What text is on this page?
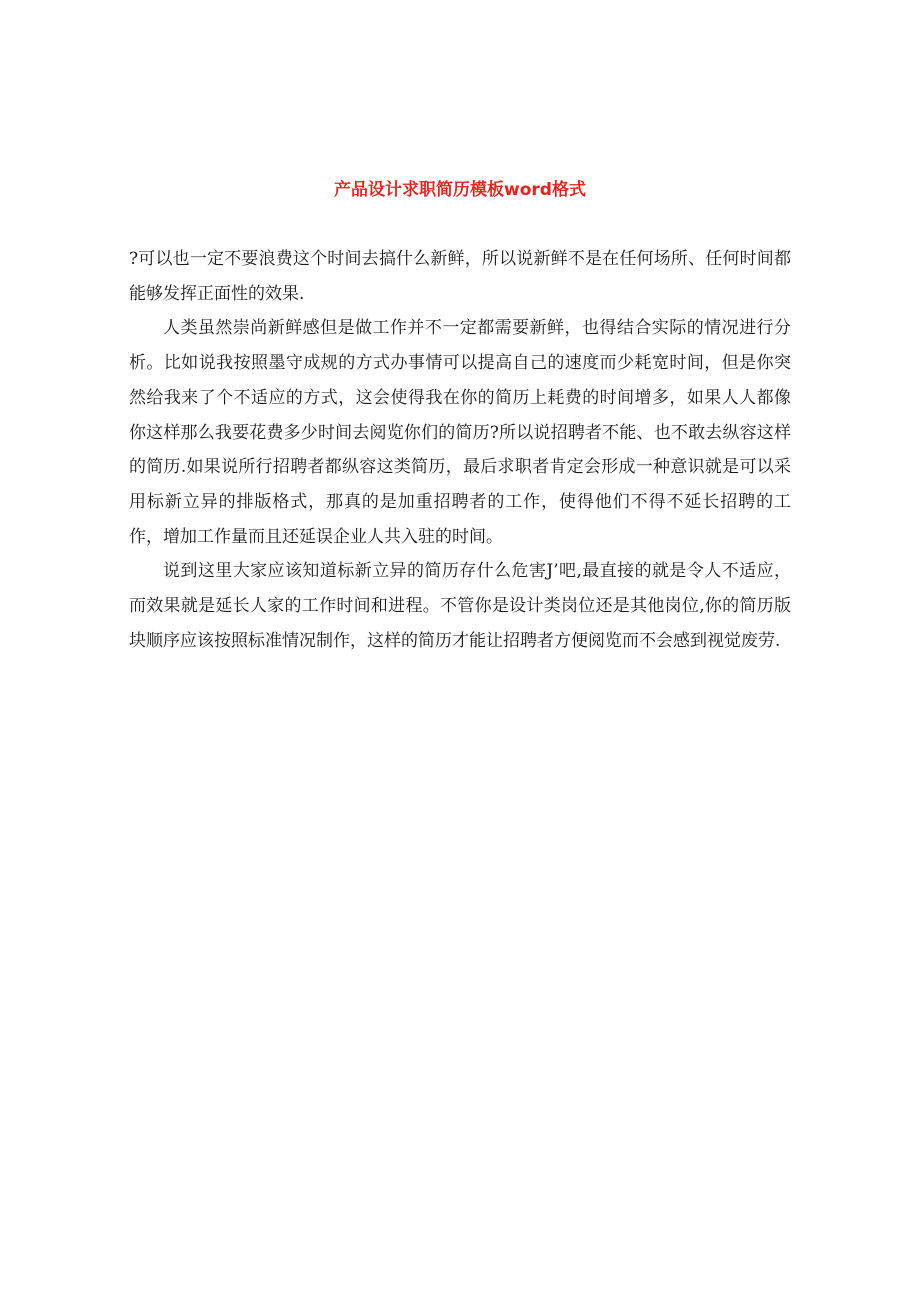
产品设计求职简历模板word格式

?可以也一定不要浪费这个时间去搞什么新鲜，所以说新鲜不是在任何场所、任何时间都能够发挥正面性的效果.

人类虽然崇尚新鲜感但是做工作并不一定都需要新鲜，也得结合实际的情况进行分析。比如说我按照墨守成规的方式办事情可以提高自己的速度而少耗宽时间，但是你突然给我来了个不适应的方式，这会使得我在你的简历上耗费的时间增多，如果人人都像你这样那么我要花费多少时间去阅览你们的简历?所以说招聘者不能、也不敢去纵容这样的简历.如果说所行招聘者都纵容这类简历，最后求职者肯定会形成一种意识就是可以采用标新立异的排版格式，那真的是加重招聘者的工作，使得他们不得不延长招聘的工作，增加工作量而且还延误企业人共入驻的时间。

说到这里大家应该知道标新立异的简历存什么危害J’吧,最直接的就是令人不适应，而效果就是延长人家的工作时间和进程。不管你是设计类岗位还是其他岗位,你的简历版块顺序应该按照标准情况制作，这样的简历才能让招聘者方便阅览而不会感到视觉废劳.
